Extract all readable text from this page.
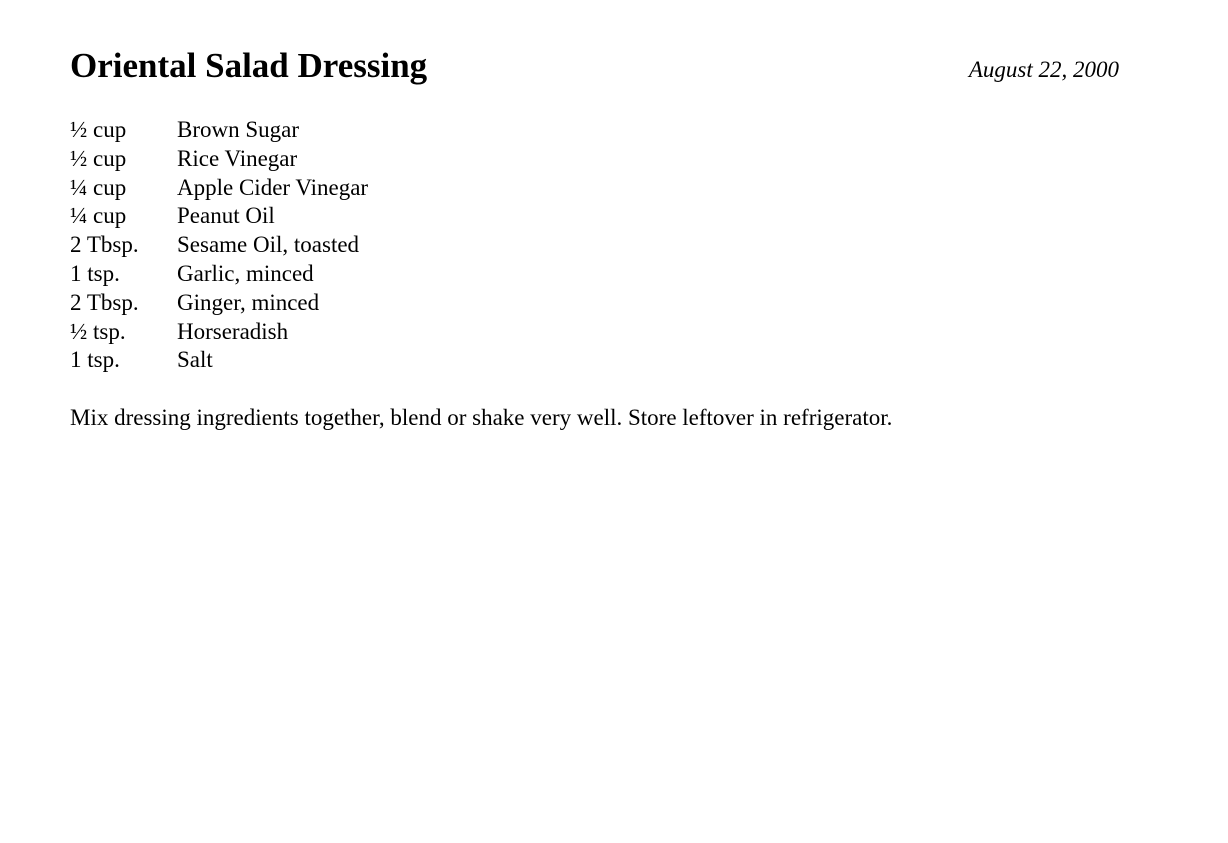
Oriental Salad Dressing	August 22, 2000
½ cup	Brown Sugar
½ cup	Rice Vinegar
¼ cup	Apple Cider Vinegar
¼ cup	Peanut Oil
2 Tbsp.	Sesame Oil, toasted
1 tsp.	Garlic, minced
2 Tbsp.	Ginger, minced
½ tsp.	Horseradish
1 tsp.	Salt

Mix dressing ingredients together, blend or shake very well. Store leftover in refrigerator.
